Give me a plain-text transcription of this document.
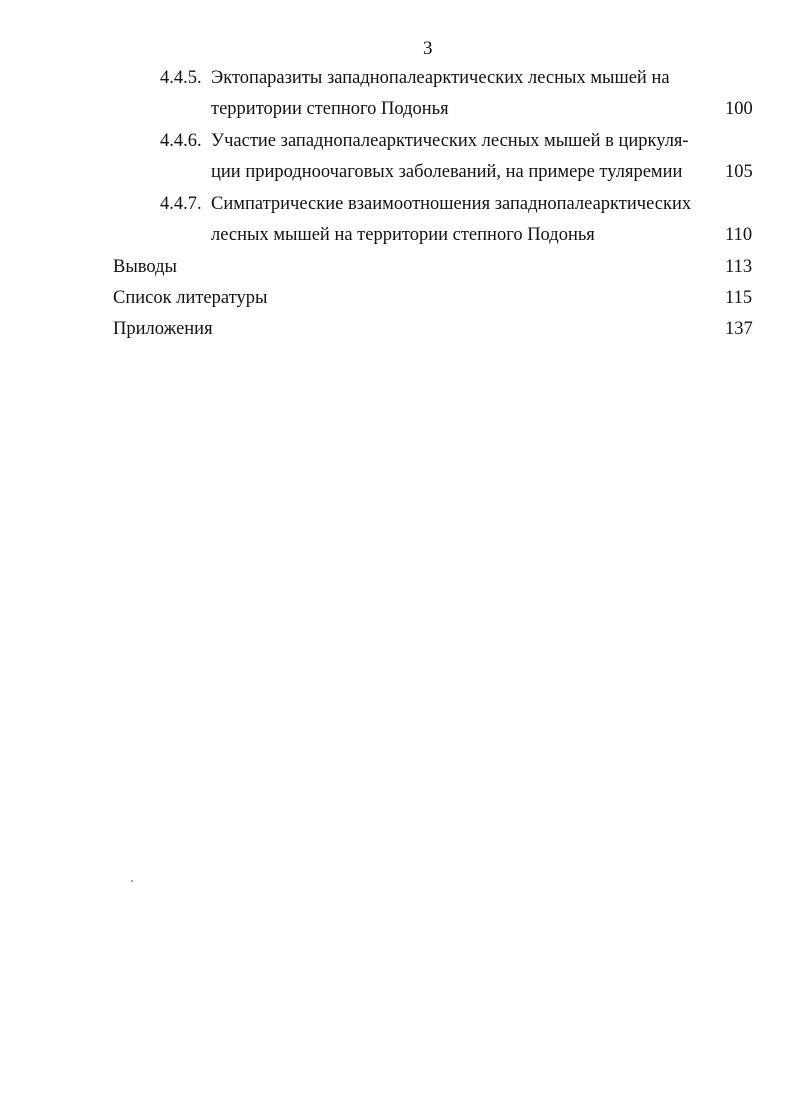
3
4.4.5. Эктопаразиты западнопалеарктических лесных мышей на
территории степного Подонья	100
4.4.6. Участие западнопалеарктических лесных мышей в циркуля-
ции природноочаговых заболеваний, на примере туляремии 105
4.4.7. Симпатрические взаимоотношения западнопалеарктических
лесных мышей на территории степного Подонья	110
Выводы	113
Список литературы	115
Приложения	137
